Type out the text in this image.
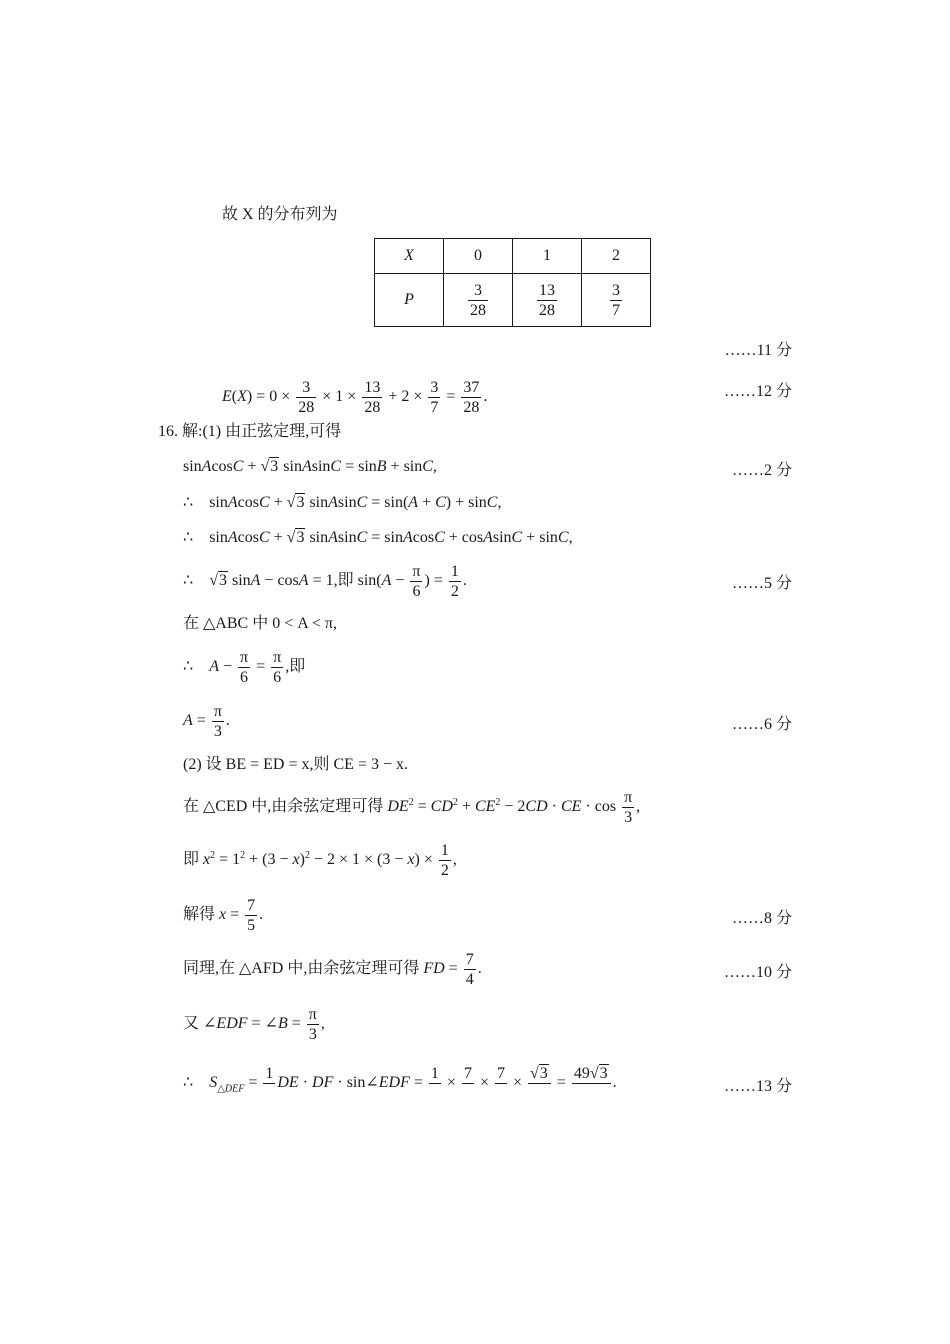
故 X 的分布列为
X	0	1	2
P	$\frac{3}{28}$	$\frac{13}{28}$	$\frac{3}{7}$
……11 分
$E(X) = 0 \times \frac{3}{28} \times 1 \times \frac{13}{28} + 2 \times \frac{3}{7} = \frac{37}{28}$ .	……12 分
16. 解:(1) 由正弦定理,可得
sinAcosC + √3 sinAsinC = sinB + sinC,	……2 分
∴    sinAcosC + √3 sinAsinC = sin(A + C) + sinC,
∴    sinAcosC + √3 sinAsinC = sinAcosC + cosAsinC + sinC,
∴ √3 sinA − cosA = 1,即 $\sin(A - \frac{\pi}{6}$ ) = $\frac{1}{2}$ .	……5 分
在 △ABC 中 0 < A < π,
∴ $A - \frac{\pi}{6} = \frac{\pi}{6}$ ,即
$A = \frac{\pi}{3}$ .	……6 分
(2) 设 BE = ED = x,则 CE = 3 − x.
在 △CED 中,由余弦定理可得 $DE^2 = CD^2 + CE^2 - 2CD$ · CE · $\cos \frac{\pi}{3}$ ,
即 $x^2 = 1^2 + (3 - x)^2 - 2 \times 1 \times (3 - x) \times \frac{1}{2}$ ,
解得 $x = \frac{7}{5}$ .	……8 分
同理,在 △AFD 中,由余弦定理可得 FD = $\frac{7}{4}$ .	……10 分
又 ∠EDF = ∠B = $\frac{\pi}{3}$ ,
∴ $S_{\triangle DEF}$ =
1

DE · DF · sin∠EDF =
1

×
7

×
7

×
√3

=
49√3

.	……13 分
